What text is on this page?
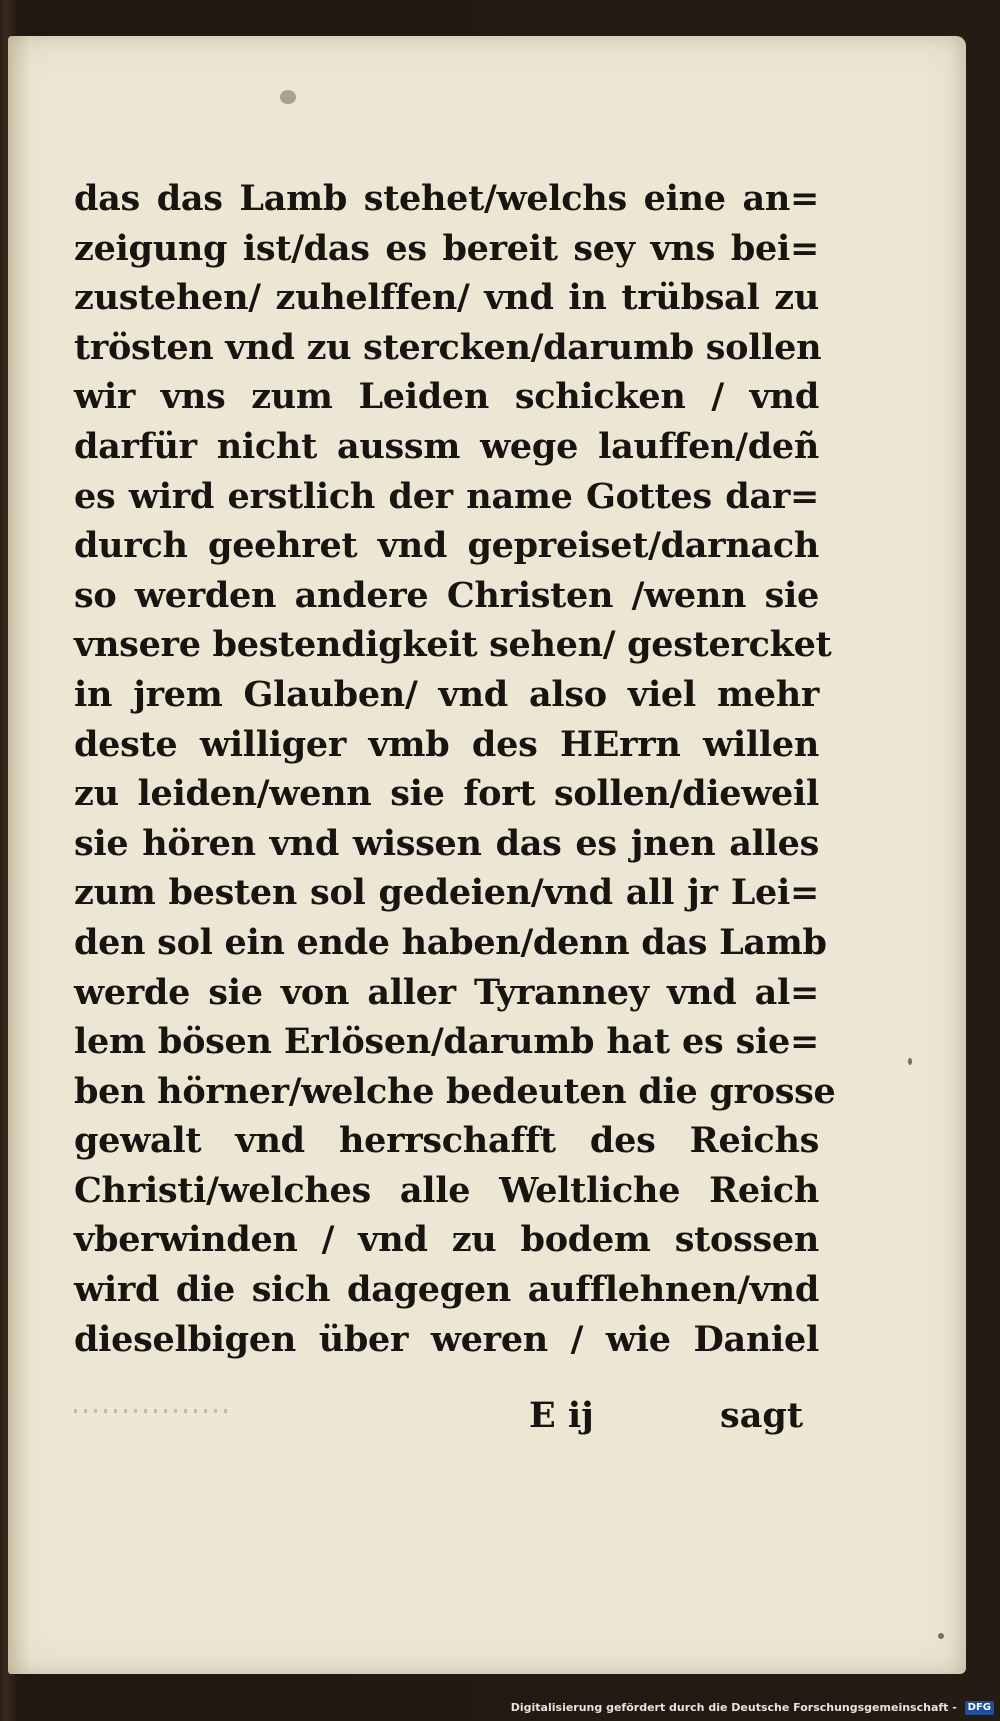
das das Lamb stehet/welchs eine an=
zeigung ist/das es bereit sey vns bei=
zustehen/ zuhelffen/ vnd in trübsal zu
trösten vnd zu stercken/darumb sollen
wir vns zum Leiden schicken / vnd
darfür nicht aussm wege lauffen/deñ
es wird erstlich der name Gottes dar=
durch geehret vnd gepreiset/darnach
so werden andere Christen /wenn sie
vnsere bestendigkeit sehen/ gestercket
in jrem Glauben/ vnd also viel mehr
deste williger vmb des HErrn willen
zu leiden/wenn sie fort sollen/dieweil
sie hören vnd wissen das es jnen alles
zum besten sol gedeien/vnd all jr Lei=
den sol ein ende haben/denn das Lamb
werde sie von aller Tyranney vnd al=
lem bösen Erlösen/darumb hat es sie=
ben hörner/welche bedeuten die grosse
gewalt vnd herrschafft des Reichs
Christi/welches alle Weltliche Reich
vberwinden / vnd zu bodem stossen
wird die sich dagegen aufflehnen/vnd
dieselbigen über weren / wie Daniel
E ij	sagt
Digitalisierung gefördert durch die Deutsche Forschungsgemeinschaft - DFG
